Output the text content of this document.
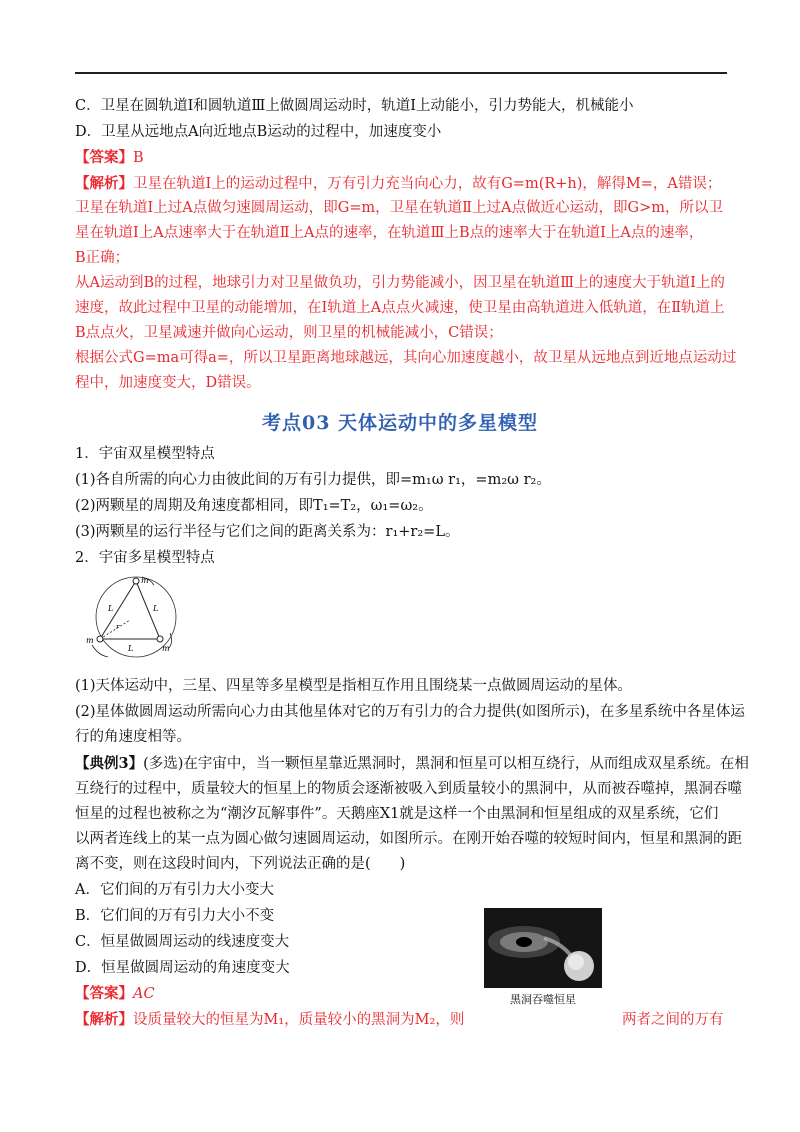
C．卫星在圆轨道Ⅰ和圆轨道Ⅲ上做圆周运动时，轨道Ⅰ上动能小，引力势能大，机械能小
D．卫星从远地点A向近地点B运动的过程中，加速度变小
【答案】B
【解析】卫星在轨道Ⅰ上的运动过程中，万有引力充当向心力，故有G=m(R+h)，解得M=，A错误；
卫星在轨道Ⅰ上过A点做匀速圆周运动，即G=m，卫星在轨道Ⅱ上过A点做近心运动，即G>m，所以卫
星在轨道Ⅰ上A点速率大于在轨道Ⅱ上A点的速率，在轨道Ⅲ上B点的速率大于在轨道Ⅰ上A点的速率，
B正确；
从A运动到B的过程，地球引力对卫星做负功，引力势能减小，因卫星在轨道Ⅲ上的速度大于轨道Ⅰ上的
速度，故此过程中卫星的动能增加，在Ⅰ轨道上A点点火减速，使卫星由高轨道进入低轨道，在Ⅱ轨道上
B点点火，卫星减速并做向心运动，则卫星的机械能减小，C错误；
根据公式G=ma可得a=，所以卫星距离地球越远，其向心加速度越小，故卫星从远地点到近地点运动过
程中，加速度变大，D错误。
考点03 天体运动中的多星模型
1．宇宙双星模型特点
(1)各自所需的向心力由彼此间的万有引力提供，即=m₁ω r₁，=m₂ω r₂。
(2)两颗星的周期及角速度都相同，即T₁=T₂，ω₁=ω₂。
(3)两颗星的运行半径与它们之间的距离关系为：r₁+r₂=L。
2．宇宙多星模型特点
m
m
m
L	L
L
r
(1)天体运动中，三星、四星等多星模型是指相互作用且围绕某一点做圆周运动的星体。
(2)星体做圆周运动所需向心力由其他星体对它的万有引力的合力提供(如图所示)，在多星系统中各星体运
行的角速度相等。
【典例3】(多选)在宇宙中，当一颗恒星靠近黑洞时，黑洞和恒星可以相互绕行，从而组成双星系统。在相
互绕行的过程中，质量较大的恒星上的物质会逐渐被吸入到质量较小的黑洞中，从而被吞噬掉，黑洞吞噬
恒星的过程也被称之为“潮汐瓦解事件”。天鹅座X1就是这样一个由黑洞和恒星组成的双星系统，它们
以两者连线上的某一点为圆心做匀速圆周运动，如图所示。在刚开始吞噬的较短时间内，恒星和黑洞的距
离不变，则在这段时间内，下列说法正确的是(　　)
A．它们间的万有引力大小变大
B．它们间的万有引力大小不变
C．恒星做圆周运动的线速度变大
D．恒星做圆周运动的角速度变大
黑洞吞噬恒星
【答案】AC
【解析】设质量较大的恒星为M₁，质量较小的黑洞为M₂，则	两者之间的万有
